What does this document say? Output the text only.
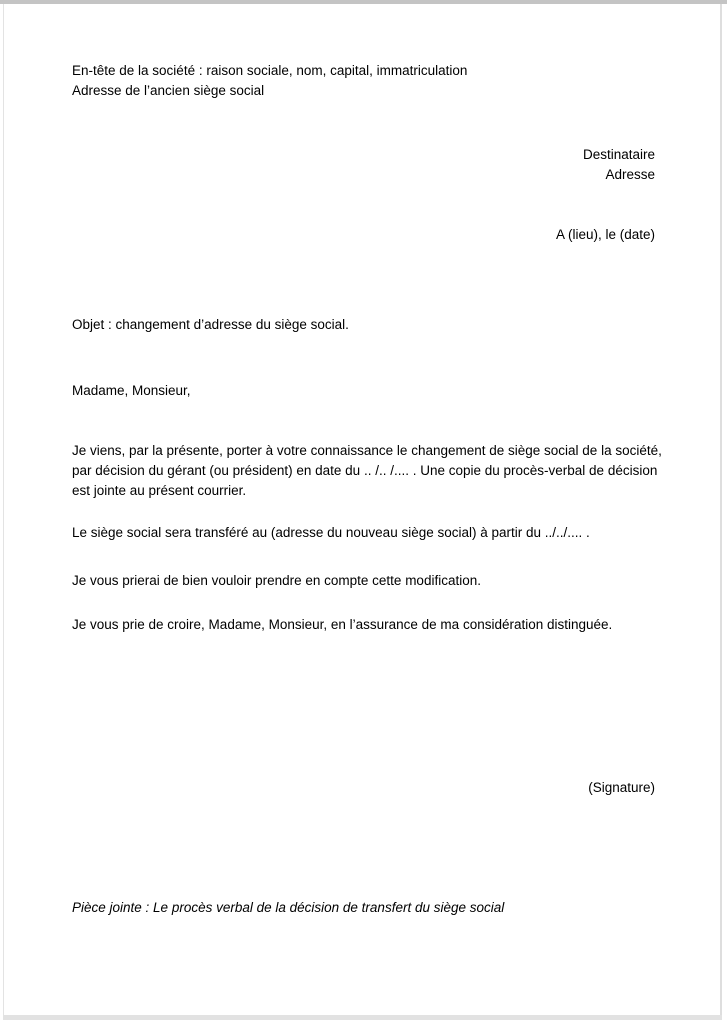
En-tête de la société : raison sociale, nom, capital, immatriculation
Adresse de l’ancien siège social
Destinataire
Adresse
A (lieu), le (date)
Objet : changement d’adresse du siège social.
Madame, Monsieur,
Je viens, par la présente, porter à votre connaissance le changement de siège social de la société,
par décision du gérant (ou président) en date du .. /.. /.... . Une copie du procès-verbal de décision
est jointe au présent courrier.
Le siège social sera transféré au (adresse du nouveau siège social) à partir du ../../.... .
Je vous prierai de bien vouloir prendre en compte cette modification.
Je vous prie de croire, Madame, Monsieur, en l’assurance de ma considération distinguée.
(Signature)
Pièce jointe : Le procès verbal de la décision de transfert du siège social
